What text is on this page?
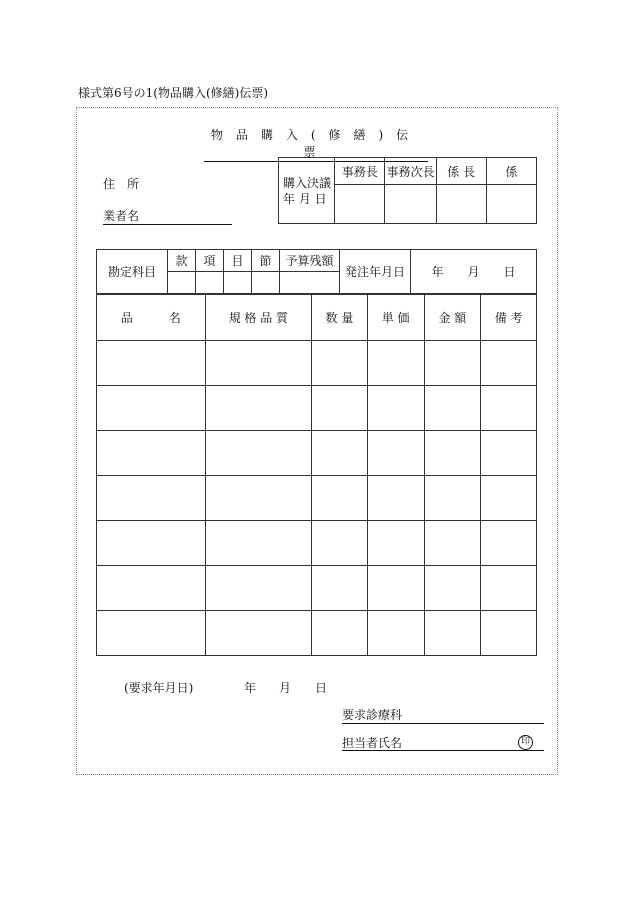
様式第6号の1(物品購入(修繕)伝票)
物品購入(修繕)伝票
住所
業者名
購入決議
年 月 日	事務長	事務次長	係 長	係

勘定科目	款	項	目	節	予算残額	発注年月日	年　　月　　日

品　　　名	規 格 品 質	数 量	単 価	金 額	備 考

(要求年月日)	年 月 日
要求診療科
担当者氏名	印
